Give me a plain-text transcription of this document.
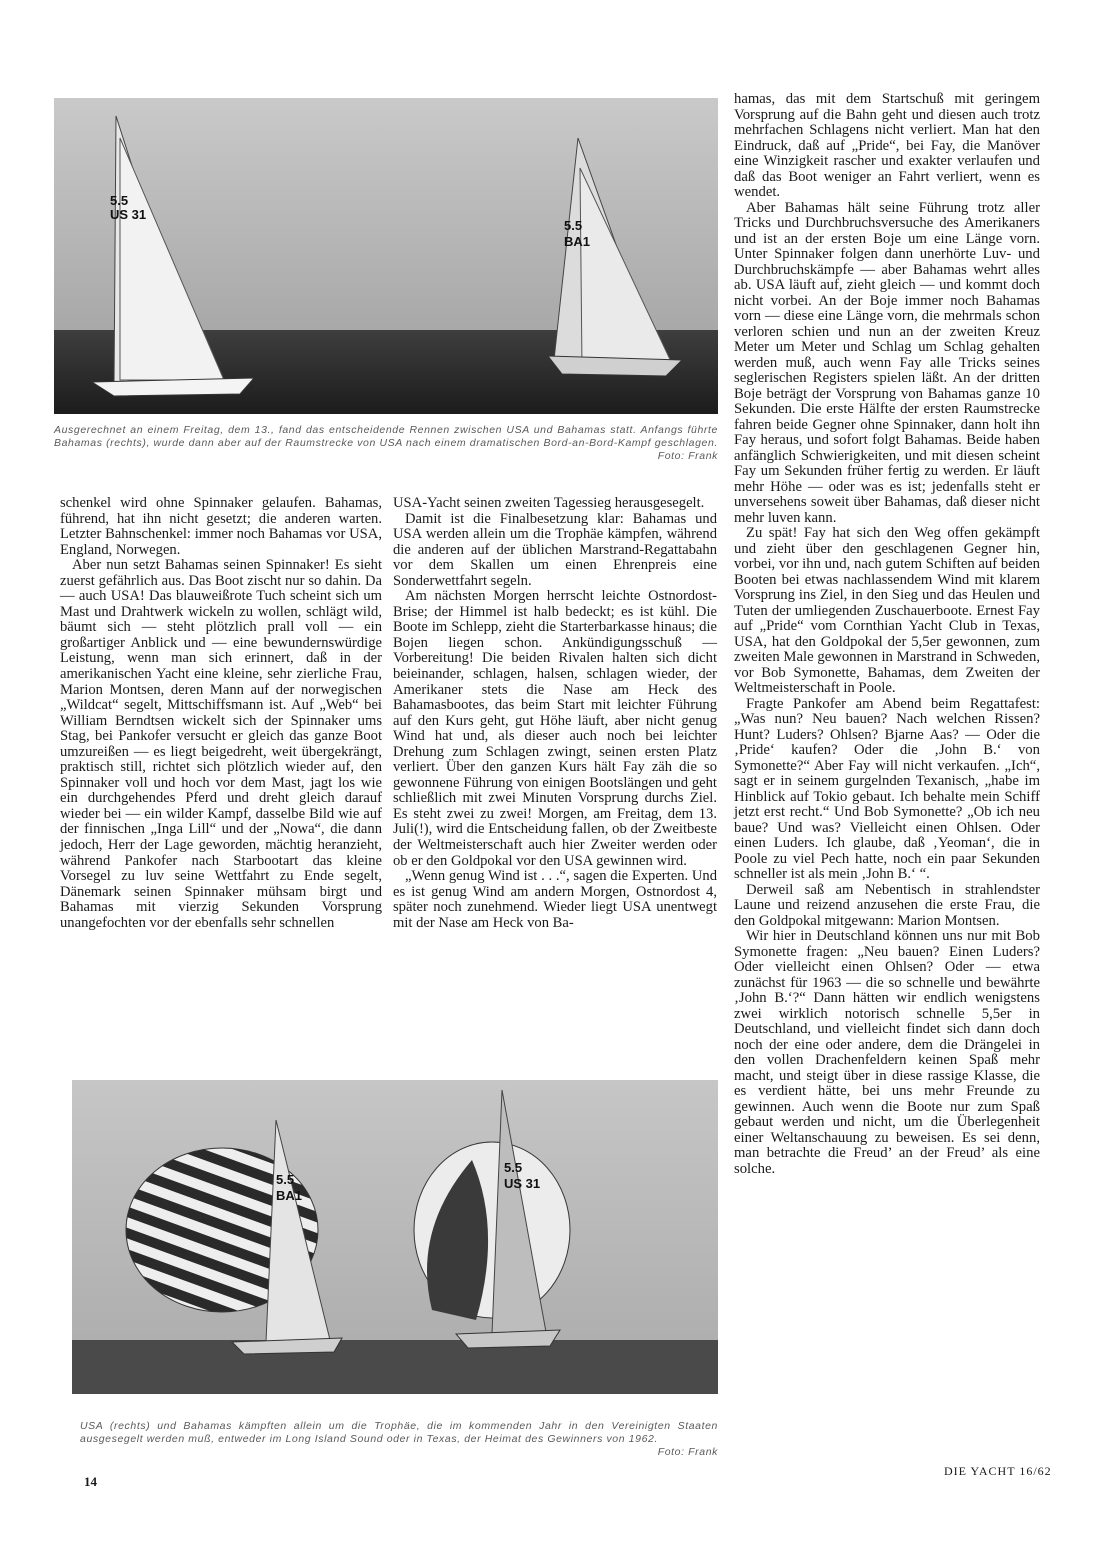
5.5
US 31
5.5
BA1

Ausgerechnet an einem Freitag, dem 13., fand das entscheidende Rennen zwischen USA und Bahamas statt. Anfangs führte Bahamas (rechts), wurde dann aber auf der Raumstrecke von USA nach einem dramatischen Bord-an-Bord-Kampf geschlagen.
Foto: Frank

schenkel wird ohne Spinnaker gelaufen. Bahamas, führend, hat ihn nicht gesetzt; die anderen warten. Letzter Bahnschenkel: immer noch Bahamas vor USA, England, Norwegen.

Aber nun setzt Bahamas seinen Spinnaker! Es sieht zuerst gefährlich aus. Das Boot zischt nur so dahin. Da — auch USA! Das blauweißrote Tuch scheint sich um Mast und Drahtwerk wickeln zu wollen, schlägt wild, bäumt sich — steht plötzlich prall voll — ein großartiger Anblick und — eine bewundernswürdige Leistung, wenn man sich erinnert, daß in der amerikanischen Yacht eine kleine, sehr zierliche Frau, Marion Montsen, deren Mann auf der norwegischen „Wildcat“ segelt, Mittschiffsmann ist. Auf „Web“ bei William Berndtsen wickelt sich der Spinnaker ums Stag, bei Pankofer versucht er gleich das ganze Boot umzureißen — es liegt beigedreht, weit übergekrängt, praktisch still, richtet sich plötzlich wieder auf, den Spinnaker voll und hoch vor dem Mast, jagt los wie ein durchgehendes Pferd und dreht gleich darauf wieder bei — ein wilder Kampf, dasselbe Bild wie auf der finnischen „Inga Lill“ und der „Nowa“, die dann jedoch, Herr der Lage geworden, mächtig heranzieht, während Pankofer nach Starbootart das kleine Vorsegel zu luv seine Wettfahrt zu Ende segelt, Dänemark seinen Spinnaker mühsam birgt und Bahamas mit vierzig Sekunden Vorsprung unangefochten vor der ebenfalls sehr schnellen

USA-Yacht seinen zweiten Tagessieg herausgesegelt.

Damit ist die Finalbesetzung klar: Bahamas und USA werden allein um die Trophäe kämpfen, während die anderen auf der üblichen Marstrand-Regattabahn vor dem Skallen um einen Ehrenpreis eine Sonderwettfahrt segeln.

Am nächsten Morgen herrscht leichte Ostnordost-Brise; der Himmel ist halb bedeckt; es ist kühl. Die Boote im Schlepp, zieht die Starterbarkasse hinaus; die Bojen liegen schon. Ankündigungsschuß — Vorbereitung! Die beiden Rivalen halten sich dicht beieinander, schlagen, halsen, schlagen wieder, der Amerikaner stets die Nase am Heck des Bahamasbootes, das beim Start mit leichter Führung auf den Kurs geht, gut Höhe läuft, aber nicht genug Wind hat und, als dieser auch noch bei leichter Drehung zum Schlagen zwingt, seinen ersten Platz verliert. Über den ganzen Kurs hält Fay zäh die so gewonnene Führung von einigen Bootslängen und geht schließlich mit zwei Minuten Vorsprung durchs Ziel. Es steht zwei zu zwei! Morgen, am Freitag, dem 13. Juli(!), wird die Entscheidung fallen, ob der Zweitbeste der Weltmeisterschaft auch hier Zweiter werden oder ob er den Goldpokal vor den USA gewinnen wird.

„Wenn genug Wind ist . . .“, sagen die Experten. Und es ist genug Wind am andern Morgen, Ostnordost 4, später noch zunehmend. Wieder liegt USA unentwegt mit der Nase am Heck von Ba-

hamas, das mit dem Startschuß mit geringem Vorsprung auf die Bahn geht und diesen auch trotz mehrfachen Schlagens nicht verliert. Man hat den Eindruck, daß auf „Pride“, bei Fay, die Manöver eine Winzigkeit rascher und exakter verlaufen und daß das Boot weniger an Fahrt verliert, wenn es wendet.

Aber Bahamas hält seine Führung trotz aller Tricks und Durchbruchsversuche des Amerikaners und ist an der ersten Boje um eine Länge vorn. Unter Spinnaker folgen dann unerhörte Luv- und Durchbruchskämpfe — aber Bahamas wehrt alles ab. USA läuft auf, zieht gleich — und kommt doch nicht vorbei. An der Boje immer noch Bahamas vorn — diese eine Länge vorn, die mehrmals schon verloren schien und nun an der zweiten Kreuz Meter um Meter und Schlag um Schlag gehalten werden muß, auch wenn Fay alle Tricks seines seglerischen Registers spielen läßt. An der dritten Boje beträgt der Vorsprung von Bahamas ganze 10 Sekunden. Die erste Hälfte der ersten Raumstrecke fahren beide Gegner ohne Spinnaker, dann holt ihn Fay heraus, und sofort folgt Bahamas. Beide haben anfänglich Schwierigkeiten, und mit diesen scheint Fay um Sekunden früher fertig zu werden. Er läuft mehr Höhe — oder was es ist; jedenfalls steht er unversehens soweit über Bahamas, daß dieser nicht mehr luven kann.

Zu spät! Fay hat sich den Weg offen gekämpft und zieht über den geschlagenen Gegner hin, vorbei, vor ihn und, nach gutem Schiften auf beiden Booten bei etwas nachlassendem Wind mit klarem Vorsprung ins Ziel, in den Sieg und das Heulen und Tuten der umliegenden Zuschauerboote. Ernest Fay auf „Pride“ vom Cornthian Yacht Club in Texas, USA, hat den Goldpokal der 5,5er gewonnen, zum zweiten Male gewonnen in Marstrand in Schweden, vor Bob Symonette, Bahamas, dem Zweiten der Weltmeisterschaft in Poole.

Fragte Pankofer am Abend beim Regattafest: „Was nun? Neu bauen? Nach welchen Rissen? Hunt? Luders? Ohlsen? Bjarne Aas? — Oder die ‚Pride‘ kaufen? Oder die ‚John B.‘ von Symonette?“ Aber Fay will nicht verkaufen. „Ich“, sagt er in seinem gurgelnden Texanisch, „habe im Hinblick auf Tokio gebaut. Ich behalte mein Schiff jetzt erst recht.“ Und Bob Symonette? „Ob ich neu baue? Und was? Vielleicht einen Ohlsen. Oder einen Luders. Ich glaube, daß ‚Yeoman‘, die in Poole zu viel Pech hatte, noch ein paar Sekunden schneller ist als mein ‚John B.‘ “.

Derweil saß am Nebentisch in strahlendster Laune und reizend anzusehen die erste Frau, die den Goldpokal mitgewann: Marion Montsen.

Wir hier in Deutschland können uns nur mit Bob Symonette fragen: „Neu bauen? Einen Luders? Oder vielleicht einen Ohlsen? Oder — etwa zunächst für 1963 — die so schnelle und bewährte ‚John B.‘?“ Dann hätten wir endlich wenigstens zwei wirklich notorisch schnelle 5,5er in Deutschland, und vielleicht findet sich dann doch noch der eine oder andere, dem die Drängelei in den vollen Drachenfeldern keinen Spaß mehr macht, und steigt über in diese rassige Klasse, die es verdient hätte, bei uns mehr Freunde zu gewinnen. Auch wenn die Boote nur zum Spaß gebaut werden und nicht, um die Überlegenheit einer Weltanschauung zu beweisen. Es sei denn, man betrachte die Freud’ an der Freud’ als eine solche.

5.5
BA1
5.5
US 31

USA (rechts) und Bahamas kämpften allein um die Trophäe, die im kommenden Jahr in den Vereinigten Staaten ausgesegelt werden muß, entweder im Long Island Sound oder in Texas, der Heimat des Gewinners von 1962.
Foto: Frank

14
DIE YACHT 16/62
